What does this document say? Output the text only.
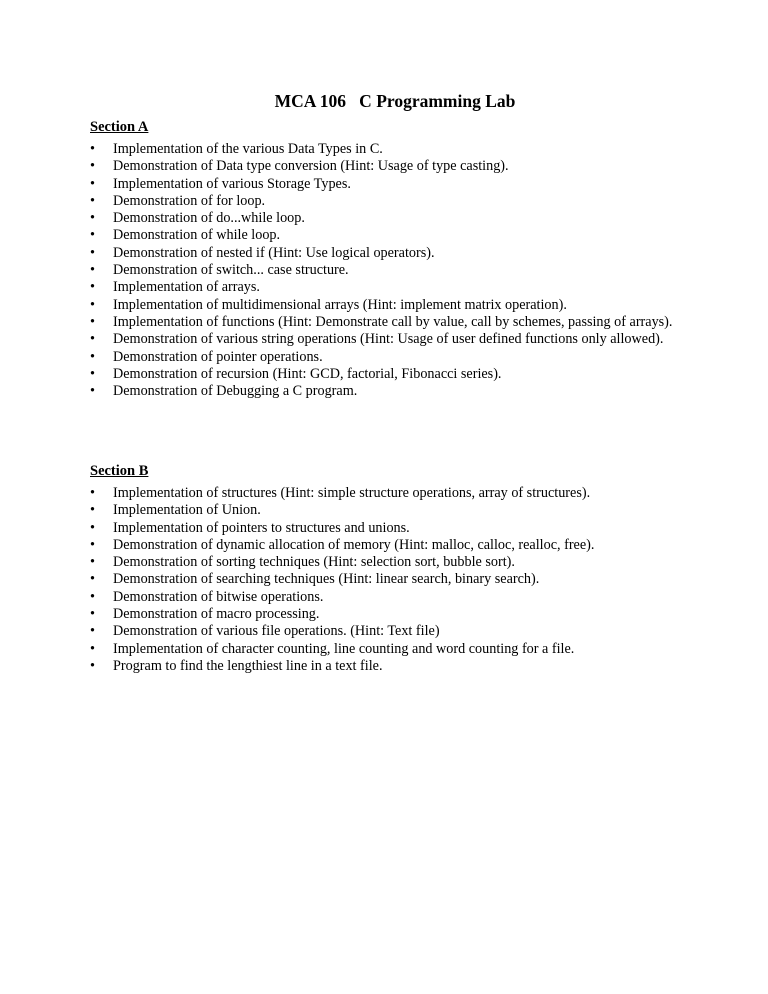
MCA 106   C Programming Lab
Section A
• Implementation of the various Data Types in C.
• Demonstration of Data type conversion (Hint: Usage of type casting).
• Implementation of various Storage Types.
• Demonstration of for loop.
• Demonstration of do...while loop.
• Demonstration of while loop.
• Demonstration of nested if (Hint: Use logical operators).
• Demonstration of switch... case structure.
• Implementation of arrays.
• Implementation of multidimensional arrays (Hint: implement matrix operation).
• Implementation of functions (Hint: Demonstrate call by value, call by schemes, passing of arrays).
• Demonstration of various string operations (Hint: Usage of user defined functions only allowed).
• Demonstration of pointer operations.
• Demonstration of recursion (Hint: GCD, factorial, Fibonacci series).
• Demonstration of Debugging a C program.
Section B
• Implementation of structures (Hint: simple structure operations, array of structures).
• Implementation of Union.
• Implementation of pointers to structures and unions.
• Demonstration of dynamic allocation of memory (Hint: malloc, calloc, realloc, free).
• Demonstration of sorting techniques (Hint: selection sort, bubble sort).
• Demonstration of searching techniques (Hint: linear search, binary search).
• Demonstration of bitwise operations.
• Demonstration of macro processing.
• Demonstration of various file operations. (Hint: Text file)
• Implementation of character counting, line counting and word counting for a file.
• Program to find the lengthiest line in a text file.
